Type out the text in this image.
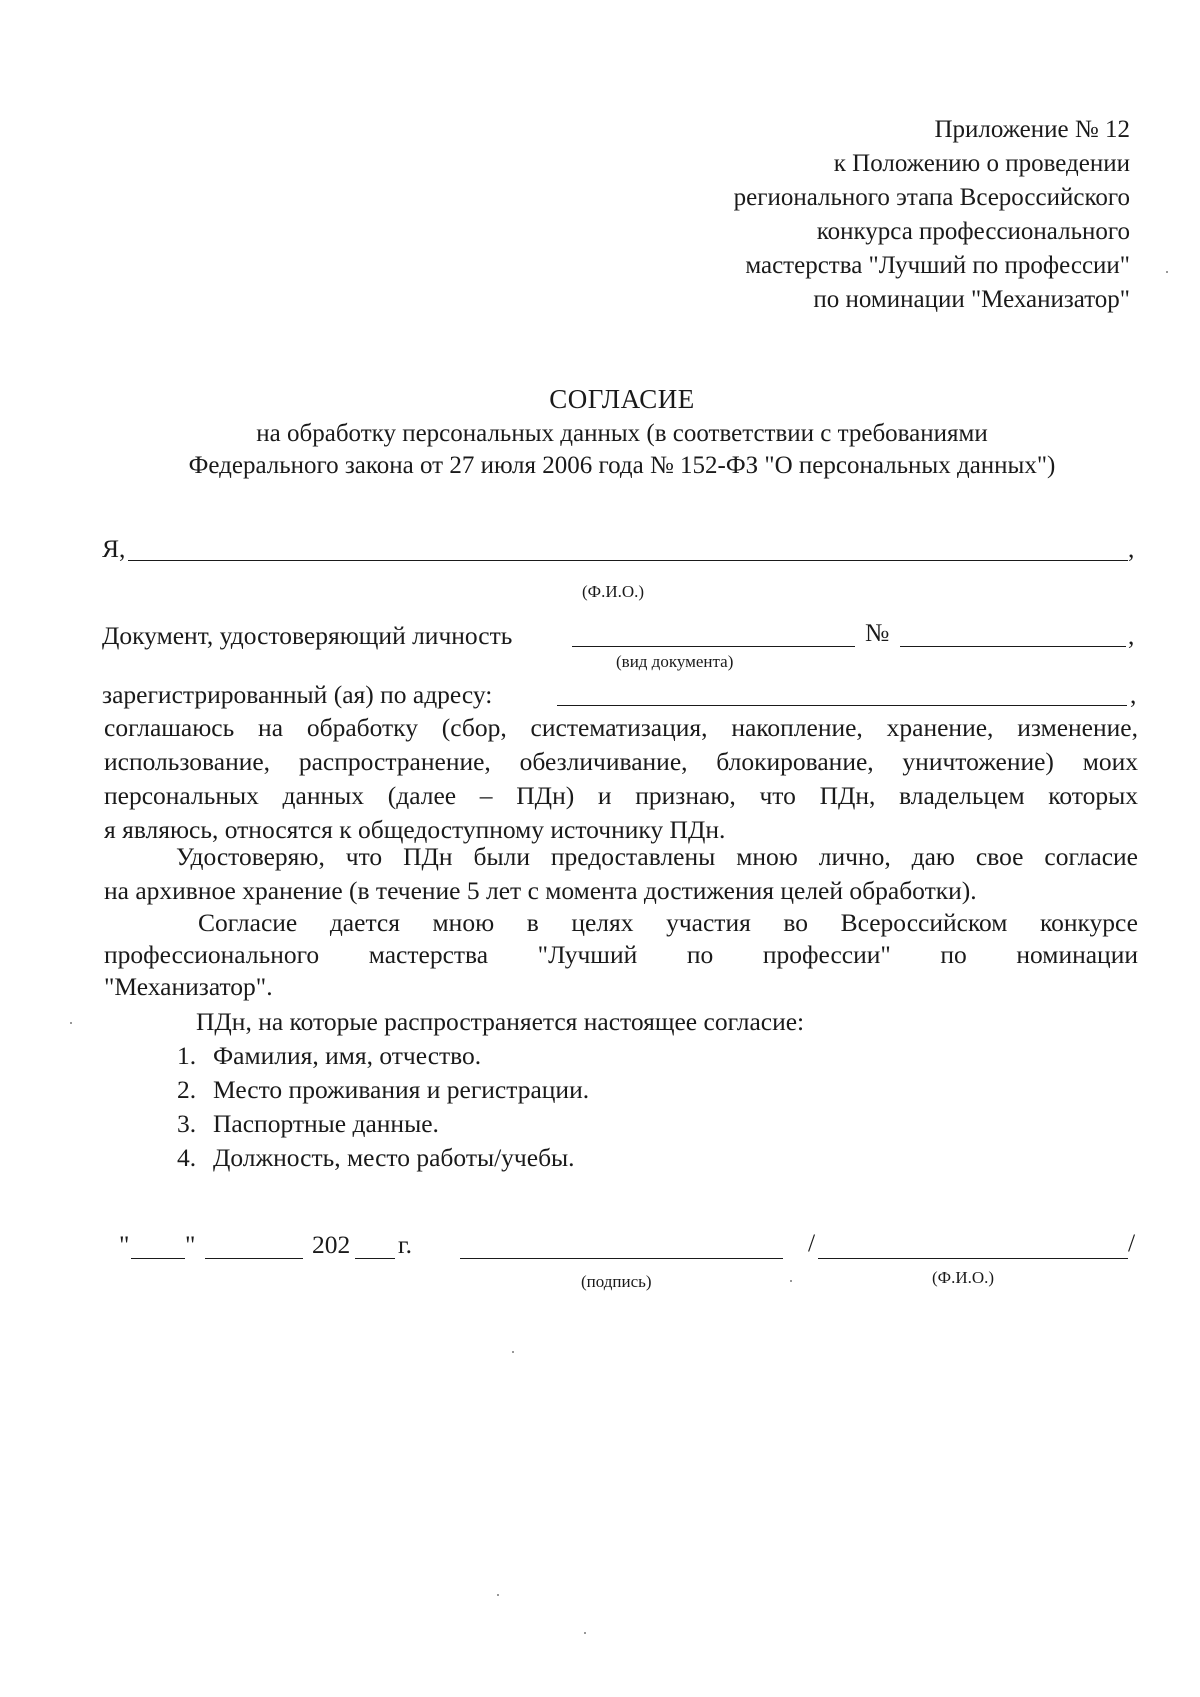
Приложение № 12
к Положению о проведении
регионального этапа Всероссийского
конкурса профессионального
мастерства "Лучший по профессии"
по номинации "Механизатор"
СОГЛАСИЕ
на обработку персональных данных (в соответствии с требованиями
Федерального закона от 27 июля 2006 года № 152-ФЗ "О персональных данных")
Я,	,
(Ф.И.О.)
Документ, удостоверяющий личность	№	,
(вид документа)
зарегистрированный (ая) по адресу:	,
соглашаюсь на обработку (сбор, систематизация, накопление, хранение, изменение,
использование, распространение, обезличивание, блокирование, уничтожение) моих
персональных данных (далее – ПДн) и признаю, что ПДн, владельцем которых
я являюсь, относятся к общедоступному источнику ПДн.
Удостоверяю, что ПДн были предоставлены мною лично, даю свое согласие
на архивное хранение (в течение 5 лет с момента достижения целей обработки).
Согласие дается мною в целях участия во Всероссийском конкурсе
профессионального мастерства "Лучший по профессии" по номинации
"Механизатор".
ПДн, на которые распространяется настоящее согласие:
1. Фамилия, имя, отчество.
2. Место проживания и регистрации.
3. Паспортные данные.
4. Должность, место работы/учебы.
" "	202 г.	/	/
(подпись)	(Ф.И.О.)
